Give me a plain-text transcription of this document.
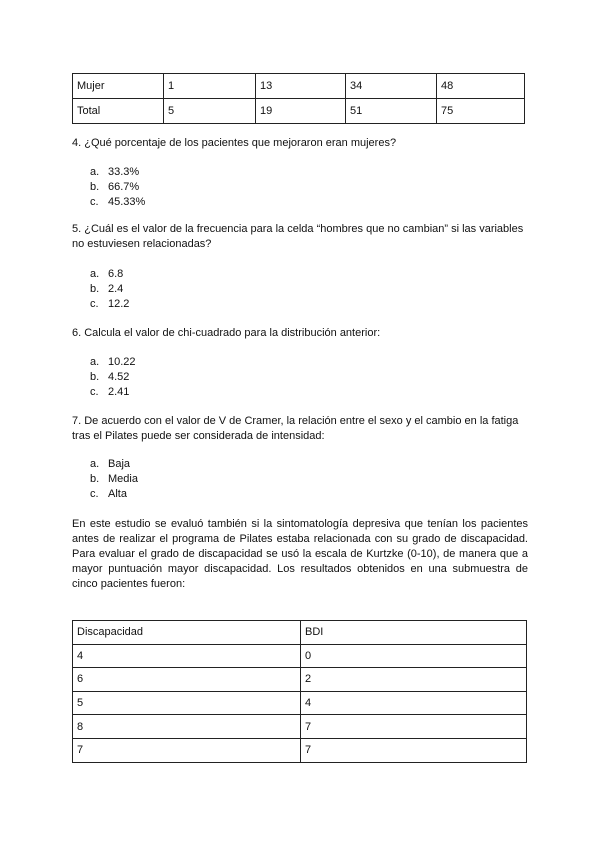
Mujer	1	13	34	48
Total	5	19	51	75
4. ¿Qué porcentaje de los pacientes que mejoraron eran mujeres?
a. 33.3%
b. 66.7%
c. 45.33%
5. ¿Cuál es el valor de la frecuencia para la celda “hombres que no cambian” si las variables no estuviesen relacionadas?
a. 6.8
b. 2.4
c. 12.2
6. Calcula el valor de chi-cuadrado para la distribución anterior:
a. 10.22
b. 4.52
c. 2.41
7. De acuerdo con el valor de V de Cramer, la relación entre el sexo y el cambio en la fatiga tras el Pilates puede ser considerada de intensidad:
a. Baja
b. Media
c. Alta
En este estudio se evaluó también si la sintomatología depresiva que tenían los pacientes antes de realizar el programa de Pilates estaba relacionada con su grado de discapacidad. Para evaluar el grado de discapacidad se usó la escala de Kurtzke (0-10), de manera que a mayor puntuación mayor discapacidad. Los resultados obtenidos en una submuestra de cinco pacientes fueron:
Discapacidad	BDI
4	0
6	2
5	4
8	7
7	7
